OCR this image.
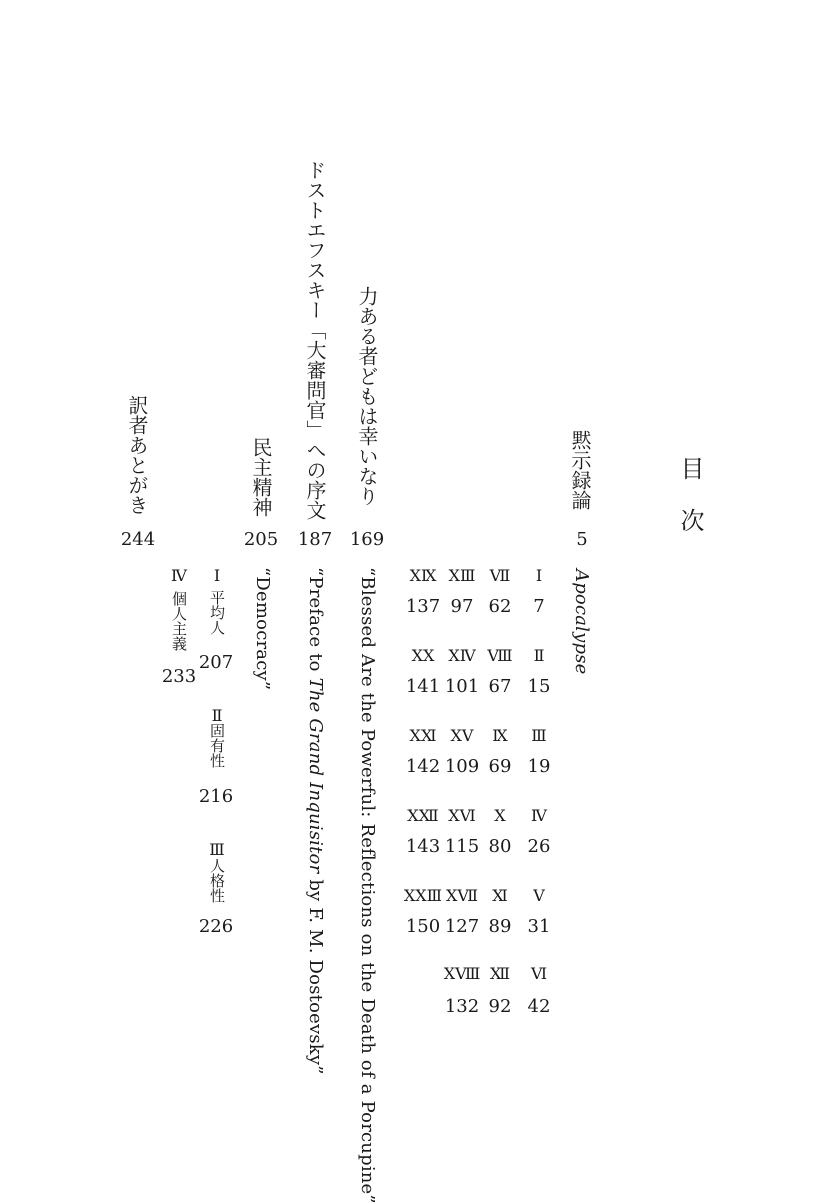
目次
黙示録論
5
Apocalypse
Ⅰ
7
Ⅱ
15
Ⅲ
19
Ⅳ
26
Ⅴ
31
Ⅵ
42
Ⅶ
62
Ⅷ
67
Ⅸ
69
Ⅹ
80
Ⅺ
89
Ⅻ
92
ⅩⅢ
97
ⅩⅣ
101
ⅩⅤ
109
ⅩⅥ
115
ⅩⅦ
127
ⅩⅧ
132
ⅩⅨ
137
ⅩⅩ
141
ⅩⅪ
142
ⅩⅫ
143
ⅩⅩⅢ
150
力ある者どもは幸いなり
169
“Blessed Are the Powerful: Reflections on the Death of a Porcupine”
ドストエフスキー「大審問官」への序文
187
“Preface to The Grand Inquisitor by F. M. Dostoevsky”
民主精神
205
“Democracy”
Ⅰ
平均人
207
Ⅱ
固有性
216
Ⅲ
人格性
226
Ⅳ
個人主義
233
訳者あとがき
244
